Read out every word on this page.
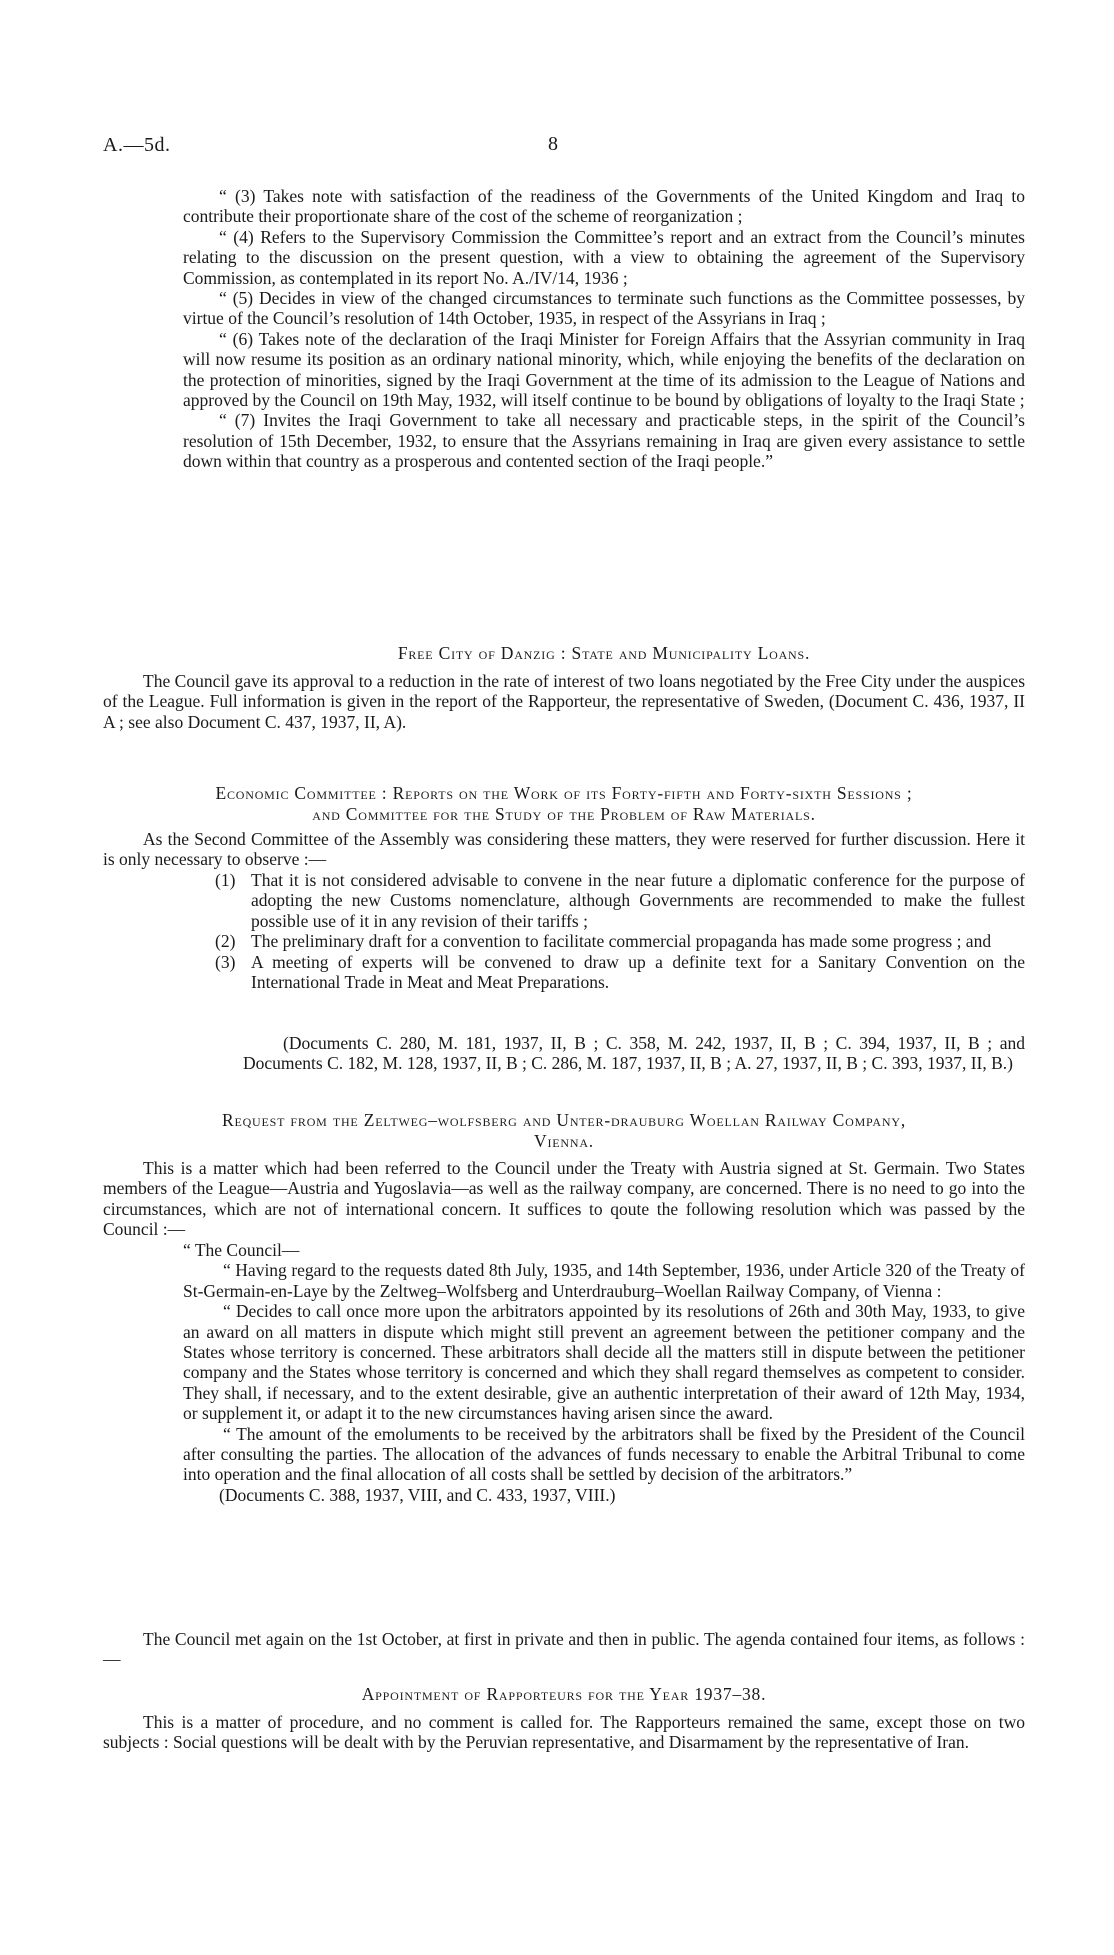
A.—5d.	8

“ (3) Takes note with satisfaction of the readiness of the Governments of the United Kingdom and Iraq to contribute their proportionate share of the cost of the scheme of reorganization ;

“ (4) Refers to the Supervisory Commission the Committee’s report and an extract from the Council’s minutes relating to the discussion on the present question, with a view to obtaining the agreement of the Supervisory Commission, as contemplated in its report No. A./IV/14, 1936 ;

“ (5) Decides in view of the changed circumstances to terminate such functions as the Committee possesses, by virtue of the Council’s resolution of 14th October, 1935, in respect of the Assyrians in Iraq ;

“ (6) Takes note of the declaration of the Iraqi Minister for Foreign Affairs that the Assyrian community in Iraq will now resume its position as an ordinary national minority, which, while enjoying the benefits of the declaration on the protection of minorities, signed by the Iraqi Government at the time of its admission to the League of Nations and approved by the Council on 19th May, 1932, will itself continue to be bound by obligations of loyalty to the Iraqi State ;

“ (7) Invites the Iraqi Government to take all necessary and practicable steps, in the spirit of the Council’s resolution of 15th December, 1932, to ensure that the Assyrians remaining in Iraq are given every assistance to settle down within that country as a prosperous and contented section of the Iraqi people.”

Free City of Danzig : State and Municipality Loans.

The Council gave its approval to a reduction in the rate of interest of two loans negotiated by the Free City under the auspices of the League. Full information is given in the report of the Rapporteur, the representative of Sweden, (Document C. 436, 1937, II A ; see also Document C. 437, 1937, II, A).

Economic Committee : Reports on the Work of its Forty-fifth and Forty-sixth Sessions ;
and Committee for the Study of the Problem of Raw Materials.

As the Second Committee of the Assembly was considering these matters, they were reserved for further discussion. Here it is only necessary to observe :—

(1) That it is not considered advisable to convene in the near future a diplomatic conference for the purpose of adopting the new Customs nomenclature, although Governments are recommended to make the fullest possible use of it in any revision of their tariffs ;
(2) The preliminary draft for a convention to facilitate commercial propaganda has made some progress ; and
(3) A meeting of experts will be convened to draw up a definite text for a Sanitary Convention on the International Trade in Meat and Meat Preparations.

(Documents C. 280, M. 181, 1937, II, B ; C. 358, M. 242, 1937, II, B ; C. 394, 1937, II, B ; and Documents C. 182, M. 128, 1937, II, B ; C. 286, M. 187, 1937, II, B ; A. 27, 1937, II, B ; C. 393, 1937, II, B.)

Request from the Zeltweg–wolfsberg and Unter-drauburg Woellan Railway Company,
Vienna.

This is a matter which had been referred to the Council under the Treaty with Austria signed at St. Germain. Two States members of the League—Austria and Yugoslavia—as well as the railway company, are concerned. There is no need to go into the circumstances, which are not of international concern. It suffices to qoute the following resolution which was passed by the Council :—

“ The Council—

“ Having regard to the requests dated 8th July, 1935, and 14th September, 1936, under Article 320 of the Treaty of St-Germain-en-Laye by the Zeltweg–Wolfsberg and Unterdrauburg–Woellan Railway Company, of Vienna :

“ Decides to call once more upon the arbitrators appointed by its resolutions of 26th and 30th May, 1933, to give an award on all matters in dispute which might still prevent an agreement between the petitioner company and the States whose territory is concerned. These arbitrators shall decide all the matters still in dispute between the petitioner company and the States whose territory is concerned and which they shall regard themselves as competent to consider. They shall, if necessary, and to the extent desirable, give an authentic interpretation of their award of 12th May, 1934, or supplement it, or adapt it to the new circumstances having arisen since the award.

“ The amount of the emoluments to be received by the arbitrators shall be fixed by the President of the Council after consulting the parties. The allocation of the advances of funds necessary to enable the Arbitral Tribunal to come into operation and the final allocation of all costs shall be settled by decision of the arbitrators.”

(Documents C. 388, 1937, VIII, and C. 433, 1937, VIII.)

The Council met again on the 1st October, at first in private and then in public. The agenda contained four items, as follows :—

Appointment of Rapporteurs for the Year 1937–38.

This is a matter of procedure, and no comment is called for. The Rapporteurs remained the same, except those on two subjects : Social questions will be dealt with by the Peruvian representative, and Disarmament by the representative of Iran.
